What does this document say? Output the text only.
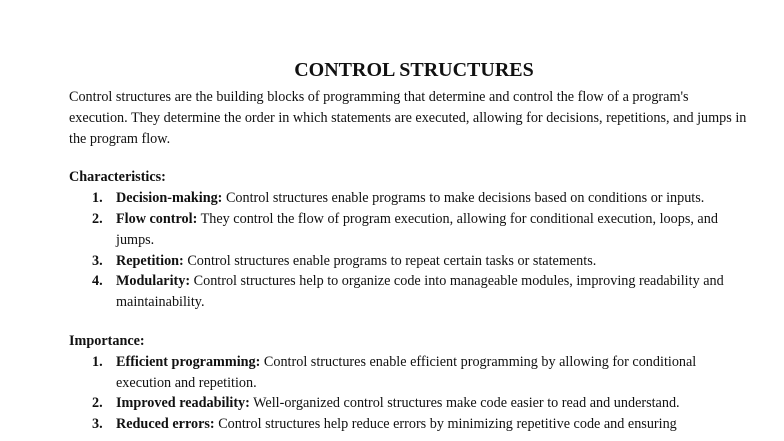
CONTROL STRUCTURES

Control structures are the building blocks of programming that determine and control the flow of a program's execution. They determine the order in which statements are executed, allowing for decisions, repetitions, and jumps in the program flow.

Characteristics:
1. Decision-making: Control structures enable programs to make decisions based on conditions or inputs.
2. Flow control: They control the flow of program execution, allowing for conditional execution, loops, and jumps.
3. Repetition: Control structures enable programs to repeat certain tasks or statements.
4. Modularity: Control structures help to organize code into manageable modules, improving readability and maintainability.
Importance:
1. Efficient programming: Control structures enable efficient programming by allowing for conditional execution and repetition.
2. Improved readability: Well-organized control structures make code easier to read and understand.
3. Reduced errors: Control structures help reduce errors by minimizing repetitive code and ensuring
